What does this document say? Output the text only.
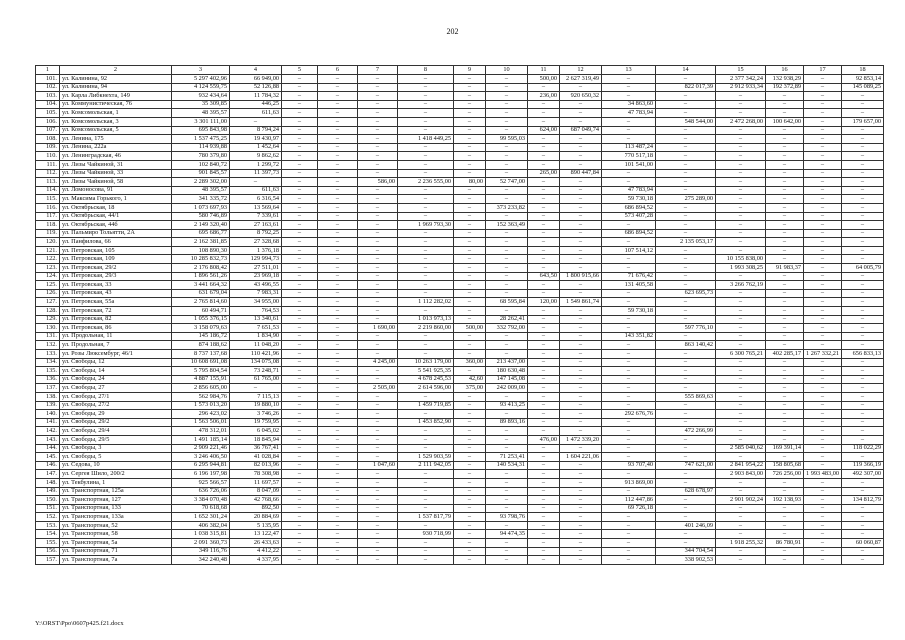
202
1	2	3	4	5	6	7	8	9	10	11	12	13	14	15	16	17	18
101.	ул. Калинина, 92	5 297 402,96	66 949,00	–	–	–	–	–	–	500,00	2 627 319,49	–	–	2 377 342,24	132 938,29	–	92 853,14
102.	ул. Калинина, 94	4 124 559,75	52 126,88	–	–	–	–	–	–	–	–	–	822 017,39	2 912 933,34	192 372,89	–	145 089,25
103.	ул. Карла Либкнехта, 149	932 434,64	11 784,32	–	–	–	–	–	–	236,00	920 650,32	–	–	–	–	–	–
104.	ул. Коммунистическая, 76	35 309,85	446,25	–	–	–	–	–	–	–	–	34 863,60	–	–	–	–	–
105.	ул. Комсомольская, 1	48 395,57	611,63	–	–	–	–	–	–	–	–	47 783,94	–	–	–	–	–
106.	ул. Комсомольская, 3	3 301 111,00	–	–	–	–	–	–	–	–	–	–	548 544,00	2 472 268,00	100 642,00	–	179 657,00
107.	ул. Комсомольская, 5	695 843,98	8 794,24	–	–	–	–	–	–	624,00	687 049,74	–	–	–	–	–	–
108.	ул. Ленина, 175	1 537 475,25	19 430,97	–	–	–	1 418 449,25	–	99 595,03	–	–	–	–	–	–	–	–
109.	ул. Ленина, 222а	114 939,88	1 452,64	–	–	–	–	–	–	–	–	113 487,24	–	–	–	–	–
110.	ул. Ленинградская, 46	780 379,80	9 862,62	–	–	–	–	–	–	–	–	770 517,18	–	–	–	–	–
111.	ул. Лизы Чайкиной, 31	102 840,72	1 299,72	–	–	–	–	–	–	–	–	101 541,00	–	–	–	–	–
112.	ул. Лизы Чайкиной, 33	901 845,57	11 397,73	–	–	–	–	–	–	265,00	890 447,84	–	–	–	–	–	–
113.	ул. Лизы Чайкиной, 58	2 289 302,00	–	–	–	586,00	2 236 555,00	80,00	52 747,00	–	–	–	–	–	–	–	–
114.	ул. Ломоносова, 91	48 395,57	611,63	–	–	–	–	–	–	–	–	47 783,94	–	–	–	–	–
115.	ул. Максима Горького, 1	341 335,72	6 316,54	–	–	–	–	–	–	–	–	59 730,18	275 289,00	–	–	–	–
116.	ул. Октябрьская, 18	1 073 697,93	13 569,64	–	–	–	–	–	373 233,82	–	–	686 894,52	–	–	–	–	–
117.	ул. Октябрьская, 44/1	580 746,89	7 339,61	–	–	–	–	–	–	–	–	573 407,28	–	–	–	–	–
118.	ул. Октябрьская, 44б	2 149 320,40	27 163,61	–	–	–	1 969 793,30	–	152 363,49	–	–	–	–	–	–	–	–
119.	ул. Пальмиро Тольятти, 2А	695 686,77	8 792,25	–	–	–	–	–	–	–	–	686 894,52	–	–	–	–	–
120.	ул. Панфилова, 66	2 162 381,85	27 328,68	–	–	–	–	–	–	–	–	–	2 135 053,17	–	–	–	–
121.	ул. Петровская, 105	108 890,30	1 376,18	–	–	–	–	–	–	–	–	107 514,12	–	–	–	–	–
122.	ул. Петровская, 109	10 285 832,73	129 994,73	–	–	–	–	–	–	–	–	–	–	10 155 838,00	–	–	–
123.	ул. Петровская, 29/2	2 176 808,42	27 511,01	–	–	–	–	–	–	–	–	–	–	1 993 308,25	91 983,37	–	64 005,79
124.	ул. Петровская, 29/3	1 896 561,26	23 969,18	–	–	–	–	–	–	643,50	1 800 915,66	71 676,42	–	–	–	–	–
125.	ул. Петровская, 33	3 441 664,32	43 496,55	–	–	–	–	–	–	–	–	131 405,58	–	3 266 762,19	–	–	–
126.	ул. Петровская, 43	631 679,04	7 983,31	–	–	–	–	–	–	–	–	–	623 695,73	–	–	–	–
127.	ул. Петровская, 55а	2 765 814,60	34 955,00	–	–	–	1 112 282,02	–	68 595,84	120,00	1 549 861,74	–	–	–	–	–	–
128.	ул. Петровская, 72	60 494,71	764,53	–	–	–	–	–	–	–	–	59 730,18	–	–	–	–	–
129.	ул. Петровская, 82	1 055 376,15	13 340,61	–	–	–	1 013 973,13	–	28 262,41	–	–	–	–	–	–	–	–
130.	ул. Петровская, 86	3 158 079,63	7 651,53	–	–	1 690,00	2 219 860,00	500,00	332 792,00	–	–	–	597 776,10	–	–	–	–
131.	ул. Продольная, 11	145 186,72	1 834,90	–	–	–	–	–	–	–	–	143 351,82	–	–	–	–	–
132.	ул. Продольная, 7	874 188,62	11 048,20	–	–	–	–	–	–	–	–	–	863 140,42	–	–	–	–
133.	ул. Розы Люксембург, 46/1	8 737 137,68	110 421,96	–	–	–	–	–	–	–	–	–	–	6 300 765,21	402 285,17	1 267 332,21	656 833,13
134.	ул. Свободы, 12	10 608 691,08	134 075,08	–	–	4 245,00	10 263 179,00	360,00	213 437,00	–	–	–	–	–	–	–	–
135.	ул. Свободы, 14	5 795 804,54	73 248,71	–	–	–	5 541 925,35	–	180 630,48	–	–	–	–	–	–	–	–
136.	ул. Свободы, 24	4 887 155,91	61 765,00	–	–	–	4 678 245,53	42,60	147 145,08	–	–	–	–	–	–	–	–
137.	ул. Свободы, 27	2 856 605,00	–	–	–	2 505,00	2 614 596,00	375,00	242 009,00	–	–	–	–	–	–	–	–
138.	ул. Свободы, 27/1	562 984,76	7 115,13	–	–	–	–	–	–	–	–	–	555 869,63	–	–	–	–
139.	ул. Свободы, 27/2	1 573 013,20	19 880,10	–	–	–	1 459 719,85	–	93 413,25	–	–	–	–	–	–	–	–
140.	ул. Свободы, 29	296 423,02	3 746,26	–	–	–	–	–	–	–	–	292 676,76	–	–	–	–	–
141.	ул. Свободы, 29/2	1 563 506,01	19 759,95	–	–	–	1 453 852,90	–	89 893,16	–	–	–	–	–	–	–	–
142.	ул. Свободы, 29/4	478 312,01	6 045,02	–	–	–	–	–	–	–	–	–	472 266,99	–	–	–	–
143.	ул. Свободы, 29/5	1 491 185,14	18 845,94	–	–	–	–	–	–	476,00	1 472 339,20	–	–	–	–	–	–
144.	ул. Свободы, 3	2 909 221,46	36 767,41	–	–	–	–	–	–	–	–	–	–	2 585 040,62	169 391,14	–	118 022,29
145.	ул. Свободы, 5	3 246 406,50	41 028,84	–	–	–	1 529 903,59	–	71 253,41	–	1 604 221,06	–	–	–	–	–	–
146.	ул. Седова, 10	6 295 944,81	82 013,96	–	–	1 047,60	2 111 942,05	–	140 534,31	–	–	93 707,40	747 621,00	2 841 954,22	158 805,68	–	119 366,19
147.	ул. Сергея Шило, 200/2	6 196 197,98	78 308,98	–	–	–	–	–	–	–	–	–	–	2 903 843,00	726 256,00	1 993 483,00	492 307,00
148.	ул. Текбулина, 1	925 566,57	11 697,57	–	–	–	–	–	–	–	–	913 869,00	–	–	–	–	–
149.	ул. Транспортная, 125а	636 726,06	8 047,09	–	–	–	–	–	–	–	–	–	628 678,97	–	–	–	–
150.	ул. Транспортная, 127	3 384 070,48	42 768,66	–	–	–	–	–	–	–	–	112 447,86	–	2 901 902,24	192 138,93	–	134 812,79
151.	ул. Транспортная, 133	70 618,68	892,50	–	–	–	–	–	–	–	–	69 726,18	–	–	–	–	–
152.	ул. Транспортная, 133а	1 652 301,24	20 884,69	–	–	–	1 537 817,79	–	93 798,76	–	–	–	–	–	–	–	–
153.	ул. Транспортная, 52	406 382,04	5 135,95	–	–	–	–	–	–	–	–	–	401 246,09	–	–	–	–
154.	ул. Транспортная, 58	1 038 315,81	13 122,47	–	–	–	930 718,99	–	94 474,35	–	–	–	–	–	–	–	–
155.	ул. Транспортная, 5а	2 091 360,73	26 433,63	–	–	–	–	–	–	–	–	–	–	1 918 255,32	86 780,91	–	60 060,87
156.	ул. Транспортная, 71	349 116,76	4 412,22	–	–	–	–	–	–	–	–	–	344 704,54	–	–	–	–
157.	ул. Транспортная, 7а	342 240,48	4 337,95	–	–	–	–	–	–	–	–	–	338 902,53	–	–	–	–
Y:\ORST\Ppo\0607p425.f21.docx
